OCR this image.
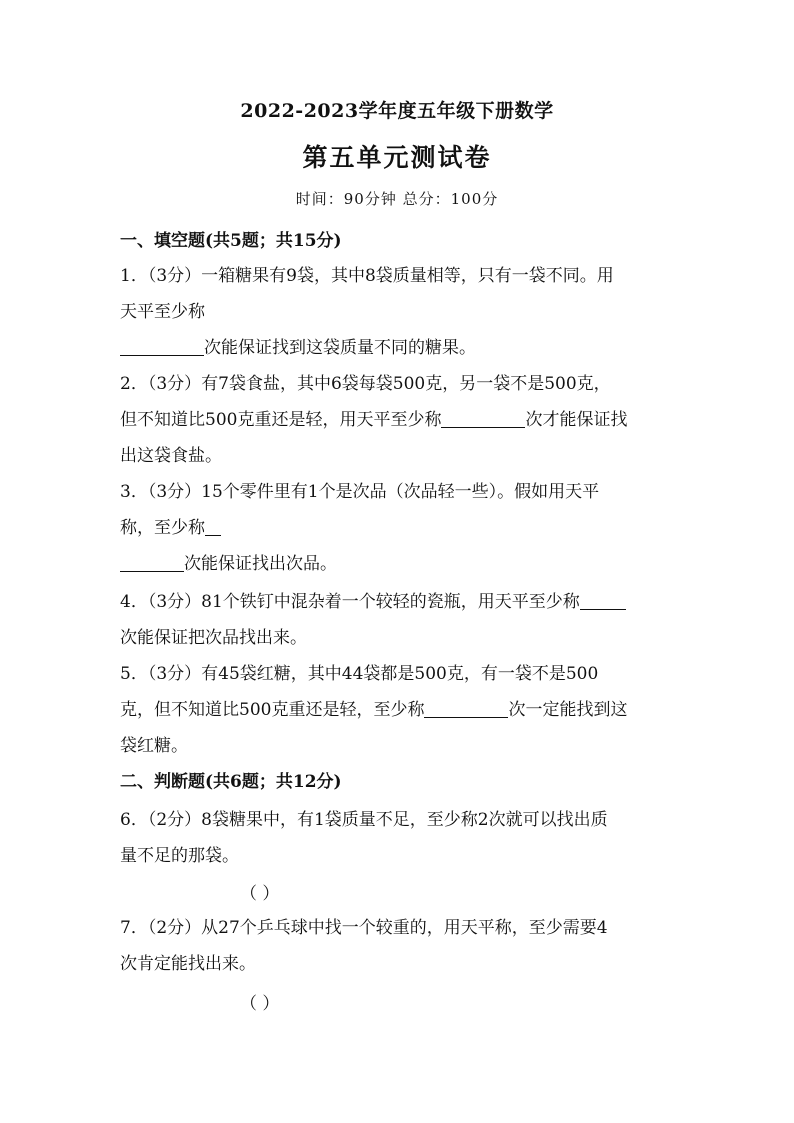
2022-2023学年度五年级下册数学
第五单元测试卷
时间：90分钟 总分：100分
一、填空题(共5题；共15分)
1．（3分）一箱糖果有9袋，其中8袋质量相等，只有一袋不同。用
天平至少称
次能保证找到这袋质量不同的糖果。
2．（3分）有7袋食盐，其中6袋每袋500克，另一袋不是500克，
但不知道比500克重还是轻，用天平至少称	次才能保证找
出这袋食盐。
3．（3分）15个零件里有1个是次品（次品轻一些）。假如用天平
称，至少称
次能保证找出次品。
4．（3分）81个铁钉中混杂着一个较轻的瓷瓶，用天平至少称
次能保证把次品找出来。
5．（3分）有45袋红糖，其中44袋都是500克，有一袋不是500
克，但不知道比500克重还是轻，至少称	次一定能找到这
袋红糖。
二、判断题(共6题；共12分)
6．（2分）8袋糖果中，有1袋质量不足，至少称2次就可以找出质
量不足的那袋。
（ ）
7．（2分）从27个乒乓球中找一个较重的，用天平称，至少需要4
次肯定能找出来。
（ ）
